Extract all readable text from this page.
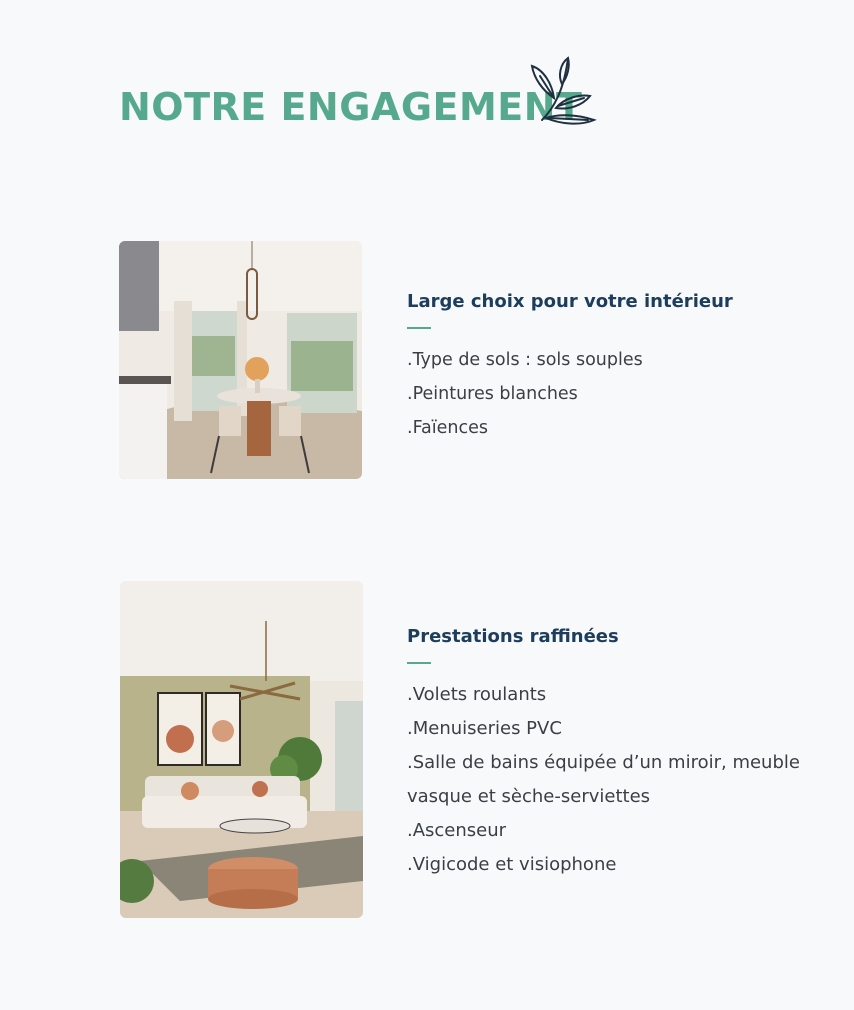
NOTRE ENGAGEMENT
Large choix pour votre intérieur
.Type de sols : sols souples
.Peintures blanches
.Faïences
Prestations raffinées
.Volets roulants
.Menuiseries PVC
.Salle de bains équipée d’un miroir, meuble
vasque et sèche-serviettes
.Ascenseur
.Vigicode et visiophone
